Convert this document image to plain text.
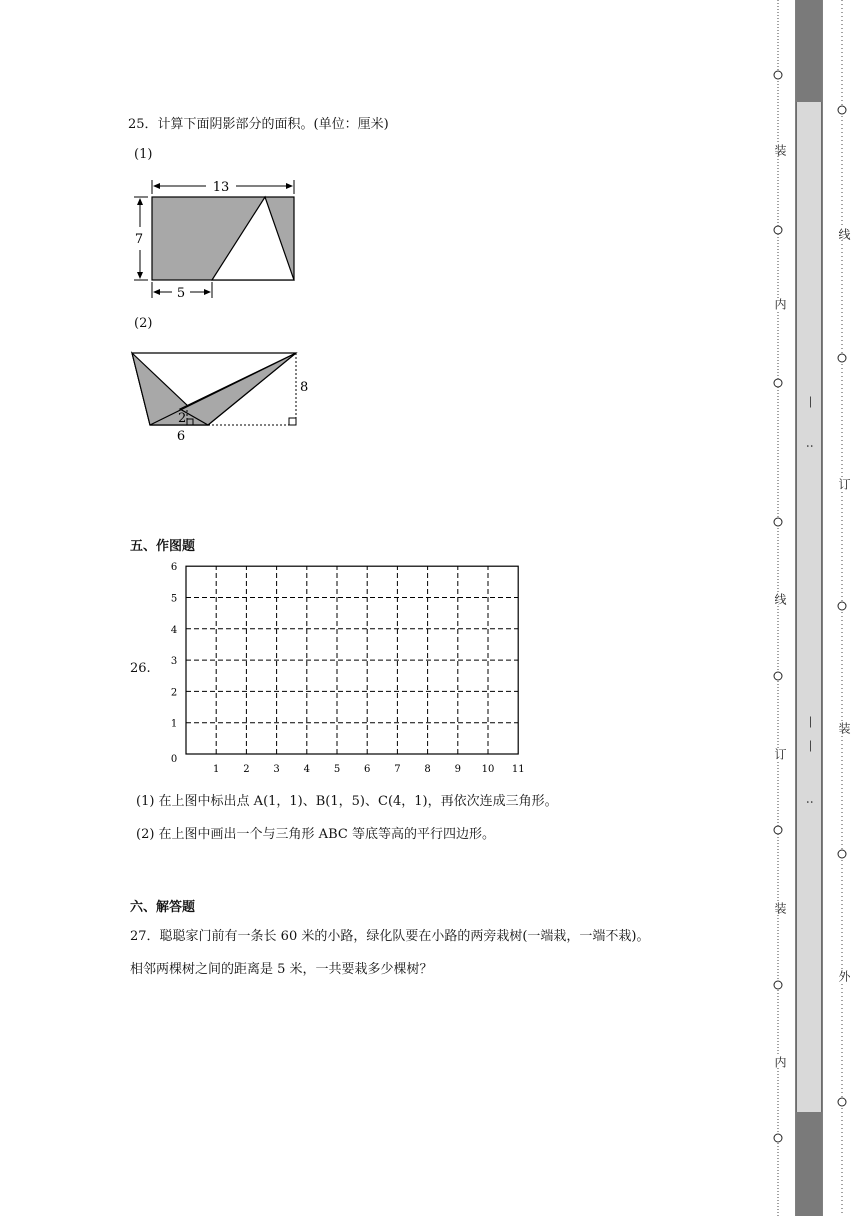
25．计算下面阴影部分的面积。(单位：厘米)
(1)
13
7
5
(2)
8
2
6
五、作图题
26.
1 2 3 4 5 6 7 8 9 10 11
0
1
2
3
4
5
6
(1) 在上图中标出点 A(1，1)、B(1，5)、C(4，1)，再依次连成三角形。
(2) 在上图中画出一个与三角形 ABC 等底等高的平行四边形。
六、解答题
27．聪聪家门前有一条长 60 米的小路，绿化队要在小路的两旁栽树(一端栽，一端不栽)。
相邻两棵树之间的距离是 5 米，一共要栽多少棵树？
装
内
线
订
装
内
线
订
装
外
—
:
—
:
—
